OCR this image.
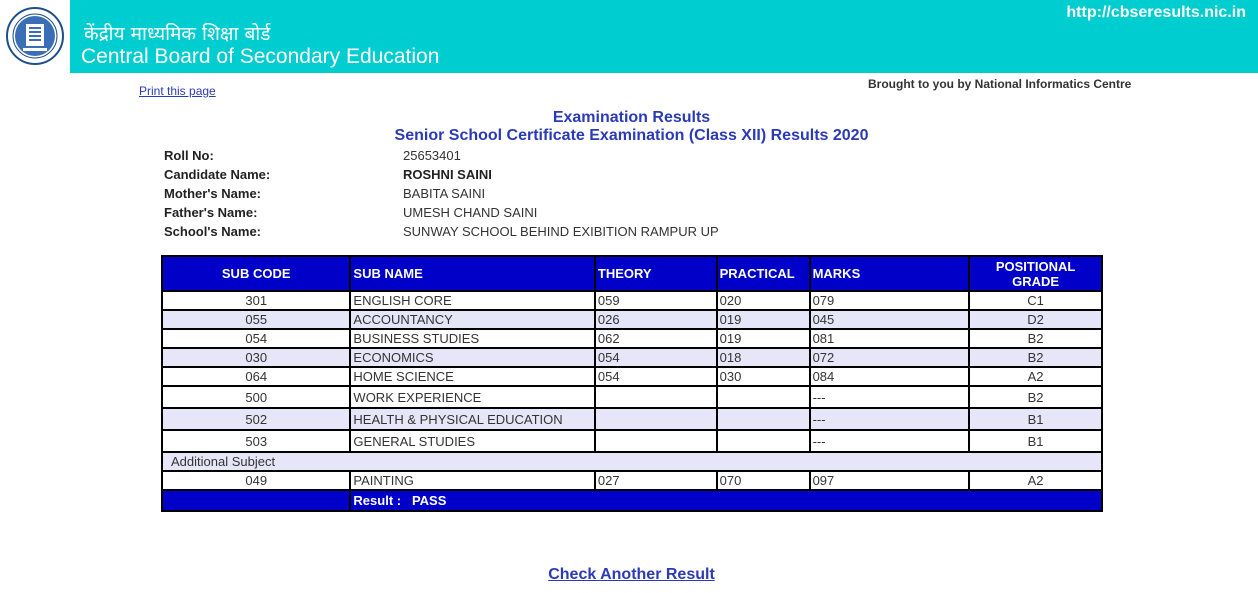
केंद्रीय माध्यमिक शिक्षा बोर्ड
Central Board of Secondary Education
http://cbseresults.nic.in
Print this page	Brought to you by National Informatics Centre
Examination Results
Senior School Certificate Examination (Class XII) Results 2020
Roll No:	25653401
Candidate Name:	ROSHNI SAINI
Mother's Name:	BABITA SAINI
Father's Name:	UMESH CHAND SAINI
School's Name:	SUNWAY SCHOOL BEHIND EXIBITION RAMPUR UP
SUB CODE	SUB NAME	THEORY	PRACTICAL	MARKS	POSITIONAL GRADE
301	ENGLISH CORE	059	020	079	C1
055	ACCOUNTANCY	026	019	045	D2
054	BUSINESS STUDIES	062	019	081	B2
030	ECONOMICS	054	018	072	B2
064	HOME SCIENCE	054	030	084	A2
500	WORK EXPERIENCE			---	B2
502	HEALTH & PHYSICAL EDUCATION			---	B1
503	GENERAL STUDIES			---	B1
Additional Subject					
049	PAINTING	027	070	097	A2
	Result : PASS				
Check Another Result
